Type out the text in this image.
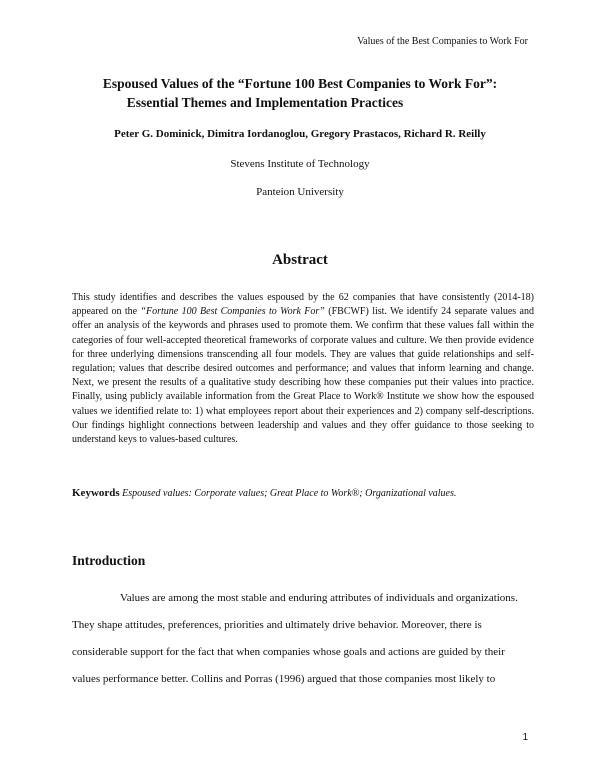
Values of the Best Companies to Work For
Espoused Values of the “Fortune 100 Best Companies to Work For”:
Essential Themes and Implementation Practices
Peter G. Dominick, Dimitra Iordanoglou, Gregory Prastacos, Richard R. Reilly
Stevens Institute of Technology
Panteion University
Abstract
This study identifies and describes the values espoused by the 62 companies that have consistently (2014-18) appeared on the “Fortune 100 Best Companies to Work For” (FBCWF) list. We identify 24 separate values and offer an analysis of the keywords and phrases used to promote them. We confirm that these values fall within the categories of four well-accepted theoretical frameworks of corporate values and culture. We then provide evidence for three underlying dimensions transcending all four models. They are values that guide relationships and self-regulation; values that describe desired outcomes and performance; and values that inform learning and change. Next, we present the results of a qualitative study describing how these companies put their values into practice. Finally, using publicly available information from the Great Place to Work® Institute we show how the espoused values we identified relate to: 1) what employees report about their experiences and 2) company self-descriptions. Our findings highlight connections between leadership and values and they offer guidance to those seeking to understand keys to values-based cultures.
Keywords Espoused values: Corporate values; Great Place to Work®; Organizational values.
Introduction
Values are among the most stable and enduring attributes of individuals and organizations.
They shape attitudes, preferences, priorities and ultimately drive behavior. Moreover, there is
considerable support for the fact that when companies whose goals and actions are guided by their
values performance better. Collins and Porras (1996) argued that those companies most likely to
1
